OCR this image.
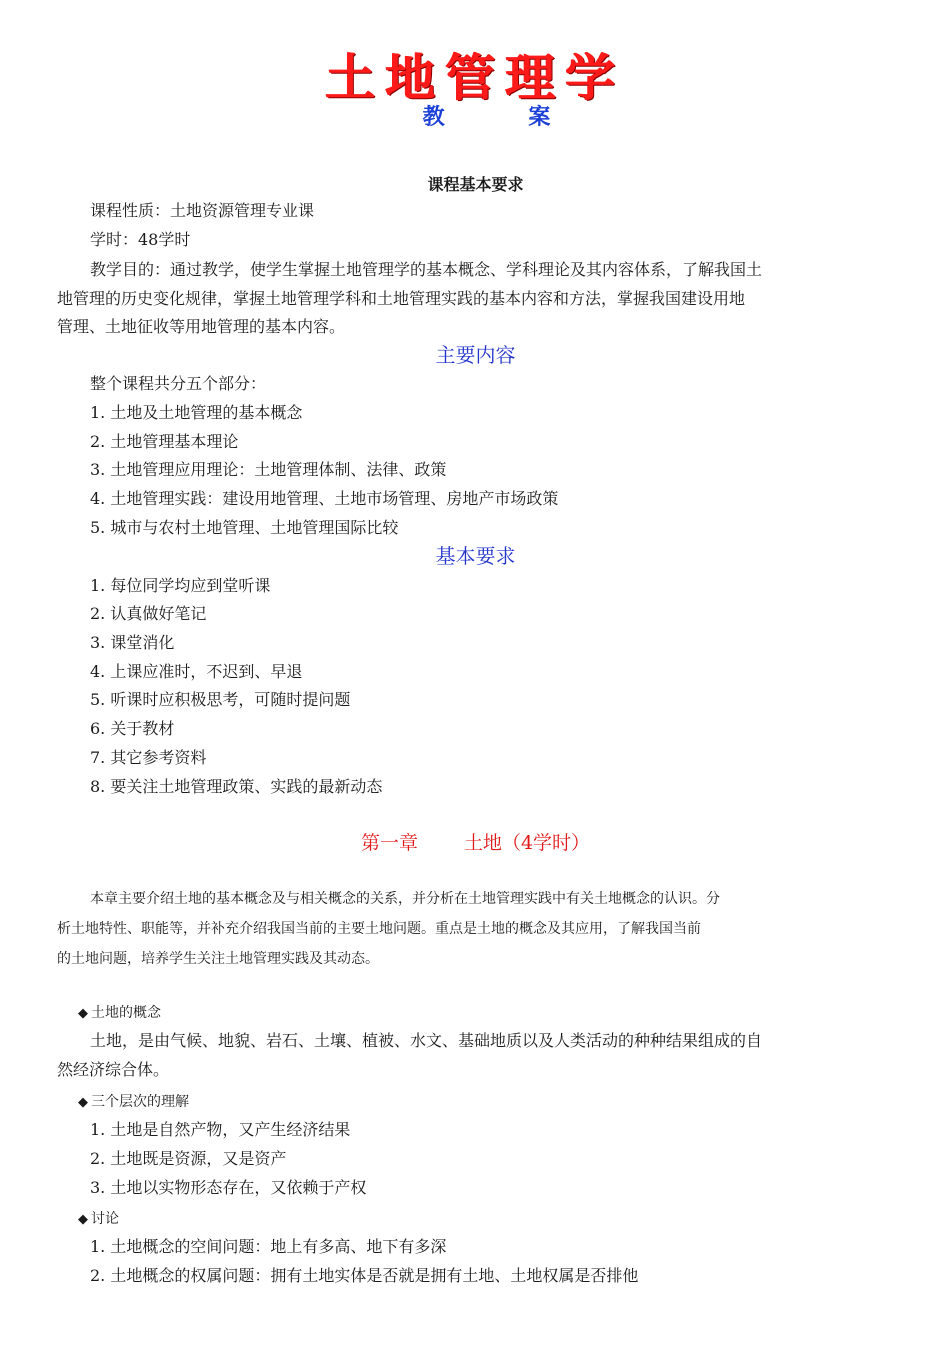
土地管理学
教 案
课程基本要求
课程性质：土地资源管理专业课
学时：48学时
教学目的：通过教学，使学生掌握土地管理学的基本概念、学科理论及其内容体系，了解我国土
地管理的历史变化规律，掌握土地管理学科和土地管理实践的基本内容和方法，掌握我国建设用地
管理、土地征收等用地管理的基本内容。
主要内容
整个课程共分五个部分：
1. 土地及土地管理的基本概念
2. 土地管理基本理论
3. 土地管理应用理论：土地管理体制、法律、政策
4. 土地管理实践：建设用地管理、土地市场管理、房地产市场政策
5. 城市与农村土地管理、土地管理国际比较
基本要求
1. 每位同学均应到堂听课
2. 认真做好笔记
3. 课堂消化
4. 上课应准时，不迟到、早退
5. 听课时应积极思考，可随时提问题
6. 关于教材
7. 其它参考资料
8. 要关注土地管理政策、实践的最新动态
第一章 土地（4学时）
本章主要介绍土地的基本概念及与相关概念的关系，并分析在土地管理实践中有关土地概念的认识。分
析土地特性、职能等，并补充介绍我国当前的主要土地问题。重点是土地的概念及其应用，了解我国当前
的土地问题，培养学生关注土地管理实践及其动态。
◆ 土地的概念
土地，是由气候、地貌、岩石、土壤、植被、水文、基础地质以及人类活动的种种结果组成的自
然经济综合体。
◆ 三个层次的理解
1. 土地是自然产物，又产生经济结果
2. 土地既是资源，又是资产
3. 土地以实物形态存在，又依赖于产权
◆ 讨论
1. 土地概念的空间问题：地上有多高、地下有多深
2. 土地概念的权属问题：拥有土地实体是否就是拥有土地、土地权属是否排他
